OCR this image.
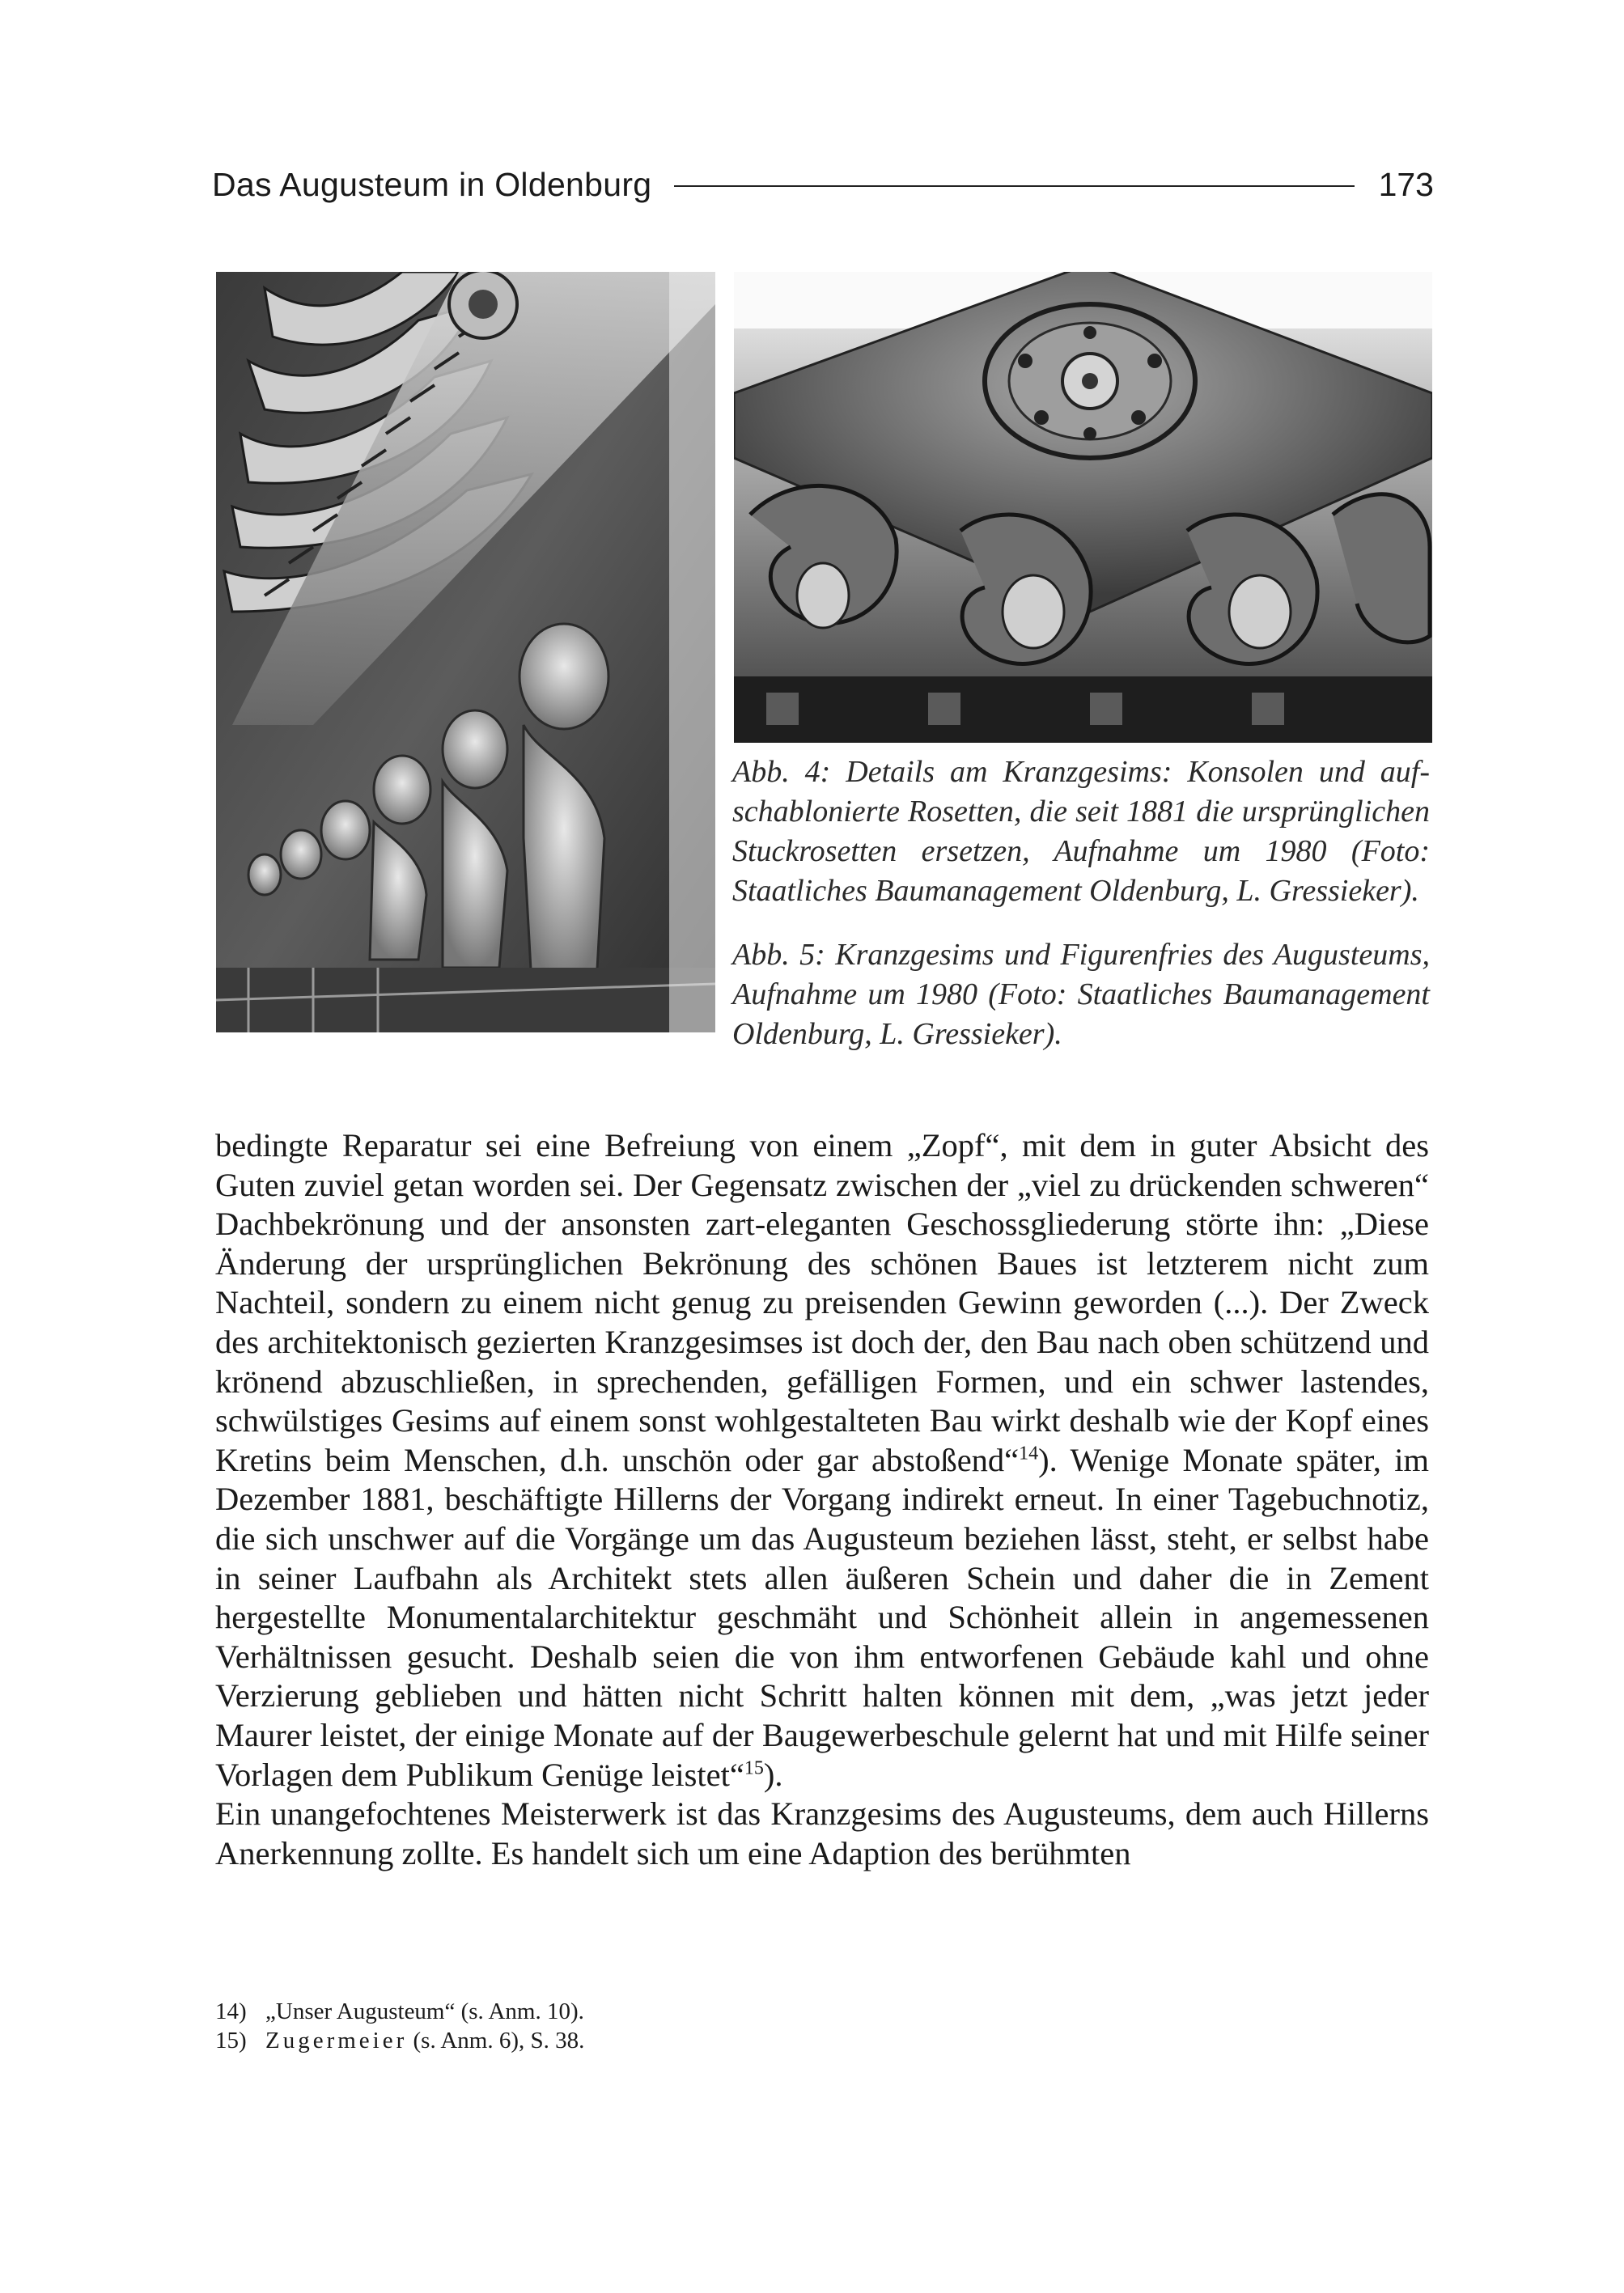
Das Augusteum in Oldenburg	173

Abb. 4: Details am Kranzgesims: Konsolen und aufschablonierte Rosetten, die seit 1881 die ursprünglichen Stuckrosetten ersetzen, Aufnahme um 1980 (Foto: Staatliches Baumanagement Oldenburg, L. Gressieker).

Abb. 5: Kranzgesims und Figurenfries des Augusteums, Aufnahme um 1980 (Foto: Staatliches Baumanagement Oldenburg, L. Gressieker).

bedingte Reparatur sei eine Befreiung von einem „Zopf“, mit dem in guter Absicht des Guten zuviel getan worden sei. Der Gegensatz zwischen der „viel zu drückenden schweren“ Dachbekrönung und der ansonsten zart-eleganten Geschossgliederung störte ihn: „Diese Änderung der ursprünglichen Bekrönung des schönen Baues ist letzterem nicht zum Nachteil, sondern zu einem nicht genug zu preisenden Gewinn geworden (...). Der Zweck des architektonisch gezierten Kranzgesimses ist doch der, den Bau nach oben schützend und krönend abzuschließen, in sprechenden, gefälligen Formen, und ein schwer lastendes, schwülstiges Gesims auf einem sonst wohlgestalteten Bau wirkt deshalb wie der Kopf eines Kretins beim Menschen, d.h. unschön oder gar abstoßend“$^{14}$). Wenige Monate später, im Dezember 1881, beschäftigte Hillerns der Vorgang indirekt erneut. In einer Tagebuchnotiz, die sich unschwer auf die Vorgänge um das Augusteum beziehen lässt, steht, er selbst habe in seiner Laufbahn als Architekt stets allen äußeren Schein und daher die in Zement hergestellte Monumentalarchitektur geschmäht und Schönheit allein in angemessenen Verhältnissen gesucht. Deshalb seien die von ihm entworfenen Gebäude kahl und ohne Verzierung geblieben und hätten nicht Schritt halten können mit dem, „was jetzt jeder Maurer leistet, der einige Monate auf der Baugewerbeschule gelernt hat und mit Hilfe seiner Vorlagen dem Publikum Genüge leistet“$^{15}$).

Ein unangefochtenes Meisterwerk ist das Kranzgesims des Augusteums, dem auch Hillerns Anerkennung zollte. Es handelt sich um eine Adaption des berühmten

14) „Unser Augusteum“ (s. Anm. 10).
15) Zugermeier (s. Anm. 6), S. 38.
